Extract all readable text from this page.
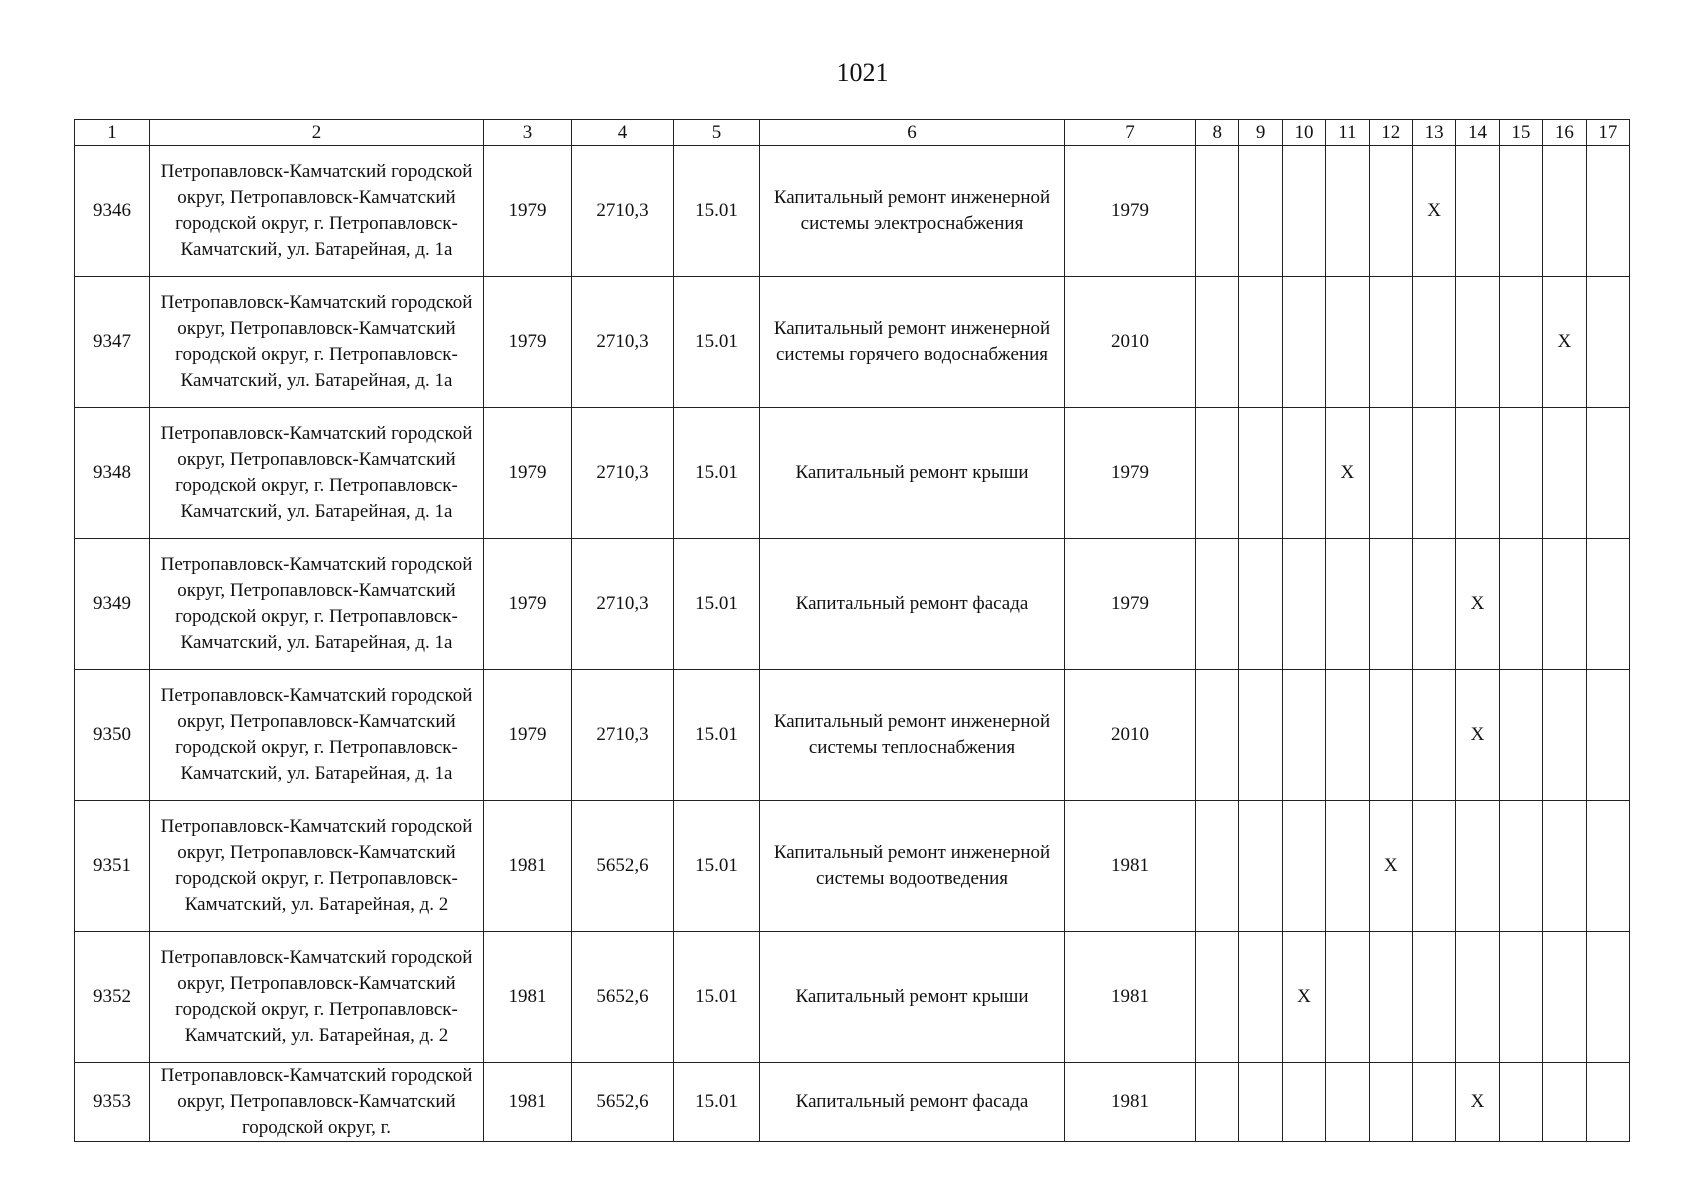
1021
1	2	3	4	5	6	7	8	9	10	11	12	13	14	15	16	17
9346	Петропавловск-Камчатский городской округ, Петропавловск-Камчатский городской округ, г. Петропавловск-Камчатский, ул. Батарейная, д. 1а	1979	2710,3	15.01	Капитальный ремонт инженерной системы электроснабжения	1979						X				
9347	Петропавловск-Камчатский городской округ, Петропавловск-Камчатский городской округ, г. Петропавловск-Камчатский, ул. Батарейная, д. 1а	1979	2710,3	15.01	Капитальный ремонт инженерной системы горячего водоснабжения	2010									X	
9348	Петропавловск-Камчатский городской округ, Петропавловск-Камчатский городской округ, г. Петропавловск-Камчатский, ул. Батарейная, д. 1а	1979	2710,3	15.01	Капитальный ремонт крыши	1979				X						
9349	Петропавловск-Камчатский городской округ, Петропавловск-Камчатский городской округ, г. Петропавловск-Камчатский, ул. Батарейная, д. 1а	1979	2710,3	15.01	Капитальный ремонт фасада	1979							X			
9350	Петропавловск-Камчатский городской округ, Петропавловск-Камчатский городской округ, г. Петропавловск-Камчатский, ул. Батарейная, д. 1а	1979	2710,3	15.01	Капитальный ремонт инженерной системы теплоснабжения	2010							X			
9351	Петропавловск-Камчатский городской округ, Петропавловск-Камчатский городской округ, г. Петропавловск-Камчатский, ул. Батарейная, д. 2	1981	5652,6	15.01	Капитальный ремонт инженерной системы водоотведения	1981					X					
9352	Петропавловск-Камчатский городской округ, Петропавловск-Камчатский городской округ, г. Петропавловск-Камчатский, ул. Батарейная, д. 2	1981	5652,6	15.01	Капитальный ремонт крыши	1981			X							
9353	Петропавловск-Камчатский городской округ, Петропавловск-Камчатский городской округ, г.	1981	5652,6	15.01	Капитальный ремонт фасада	1981							X			
